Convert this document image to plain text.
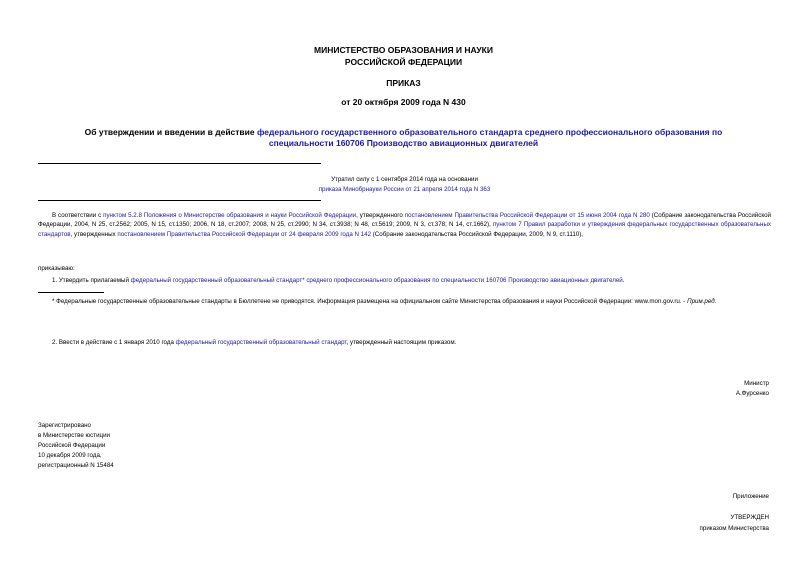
МИНИСТЕРСТВО ОБРАЗОВАНИЯ И НАУКИ
РОССИЙСКОЙ ФЕДЕРАЦИИ
ПРИКАЗ
от 20 октября 2009 года N 430
Об утверждении и введении в действие федерального государственного образовательного стандарта среднего профессионального образования по
специальности 160706 Производство авиационных двигателей
Утратил силу с 1 сентября 2014 года на основании
приказа Минобрнауки России от 21 апреля 2014 года N 363
В соответствии с пунктом 5.2.8 Положения о Министерстве образования и науки Российской Федерации, утвержденного постановлением Правительства Российской Федерации от 15 июня 2004 года N 280 (Собрание законодательства Российской Федерации, 2004, N 25, ст.2562; 2005, N 15, ст.1350; 2006, N 18, ст.2007; 2008, N 25, ст.2990; N 34, ст.3938; N 48, ст.5619; 2009, N 3, ст.378; N 14, ст.1662), пунктом 7 Правил разработки и утверждения федеральных государственных образовательных стандартов, утвержденных постановлением Правительства Российской Федерации от 24 февраля 2009 года N 142 (Собрание законодательства Российской Федерации, 2009, N 9, ст.1110),
приказываю:
1. Утвердить прилагаемый федеральный государственный образовательный стандарт* среднего профессионального образования по специальности 160706 Производство авиационных двигателей.
* Федеральные государственные образовательные стандарты в Бюллетене не приводятся. Информация размещена на официальном сайте Министерства образования и науки Российской Федерации: www.mon.gov.ru. - Прим.ред.
2. Ввести в действие с 1 января 2010 года федеральный государственный образовательный стандарт, утвержденный настоящим приказом.
Министр
А.Фурсенко
Зарегистрировано
в Министерстве юстиции
Российской Федерации
10 декабря 2009 года,
регистрационный N 15484
Приложение
УТВЕРЖДЕН
приказом Министерства
